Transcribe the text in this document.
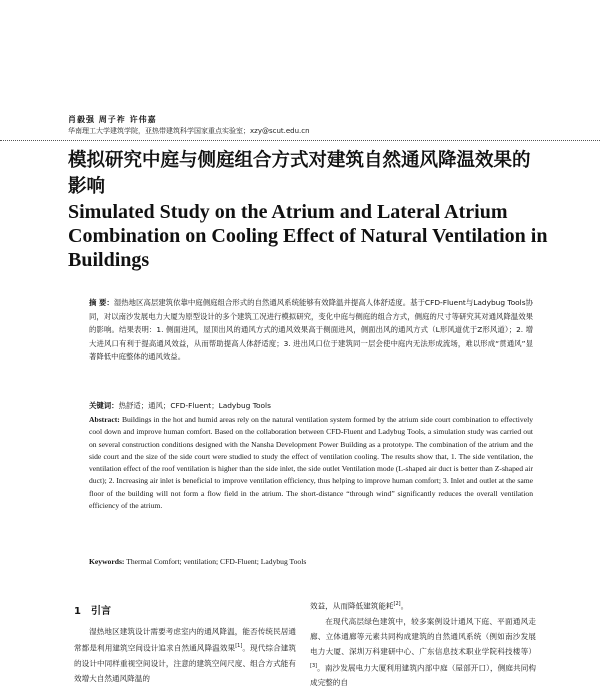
肖毅强 周子祚 许伟嘉
华南理工大学建筑学院，亚热带建筑科学国家重点实验室；xzy@scut.edu.cn
模拟研究中庭与侧庭组合方式对建筑自然通风降温效果的影响
Simulated Study on the Atrium and Lateral Atrium Combination on Cooling Effect of Natural Ventilation in Buildings
摘 要：湿热地区高层建筑依靠中庭侧庭组合形式的自然通风系统能够有效降温并提高人体舒适度。基于CFD-Fluent与Ladybug Tools协同，对以南沙发展电力大厦为原型设计的多个建筑工况进行模拟研究，变化中庭与侧庭的组合方式，侧庭的尺寸等研究其对通风降温效果的影响。结果表明：1. 侧面进风，屋顶出风的通风方式的通风效果高于侧面进风，侧面出风的通风方式（L形风道优于Z形风道）；2. 增大进风口有利于提高通风效益，从而帮助提高人体舒适度；3. 进出风口位于建筑同一层会使中庭内无法形成流场，难以形成“贯通风”显著降低中庭整体的通风效益。
关键词：热舒适；通风；CFD-Fluent；Ladybug Tools
Abstract: Buildings in the hot and humid areas rely on the natural ventilation system formed by the atrium side court combination to effectively cool down and improve human comfort. Based on the collaboration between CFD-Fluent and Ladybug Tools, a simulation study was carried out on several construction conditions designed with the Nansha Development Power Building as a prototype. The combination of the atrium and the side court and the size of the side court were studied to study the effect of ventilation cooling. The results show that, 1. The side ventilation, the ventilation effect of the roof ventilation is higher than the side inlet, the side outlet Ventilation mode (L-shaped air duct is better than Z-shaped air duct); 2. Increasing air inlet is beneficial to improve ventilation efficiency, thus helping to improve human comfort; 3. Inlet and outlet at the same floor of the building will not form a flow field in the atrium. The short-distance “through wind” significantly reduces the overall ventilation efficiency of the atrium.
Keywords: Thermal Comfort; ventilation; CFD-Fluent; Ladybug Tools
1 引言
湿热地区建筑设计需要考虑室内的通风降温，能否传统民居通常都是利用建筑空间设计追求自然通风降温效果[1]。现代综合建筑的设计中同样重视空间设计，注意的建筑空间尺度、组合方式能有效增大自然通风降温的
效益，从而降低建筑能耗[2]。
在现代高层绿色建筑中，较多案例设计通风下庭、平面通风走廊、立体通廊等元素共同构成建筑的自然通风系统（例如南沙发展电力大厦、深圳万科建研中心、广东信息技术职业学院科技楼等）[3]。南沙发展电力大厦利用建筑内部中庭（屋部开口），侧庭共同构成完整的自
